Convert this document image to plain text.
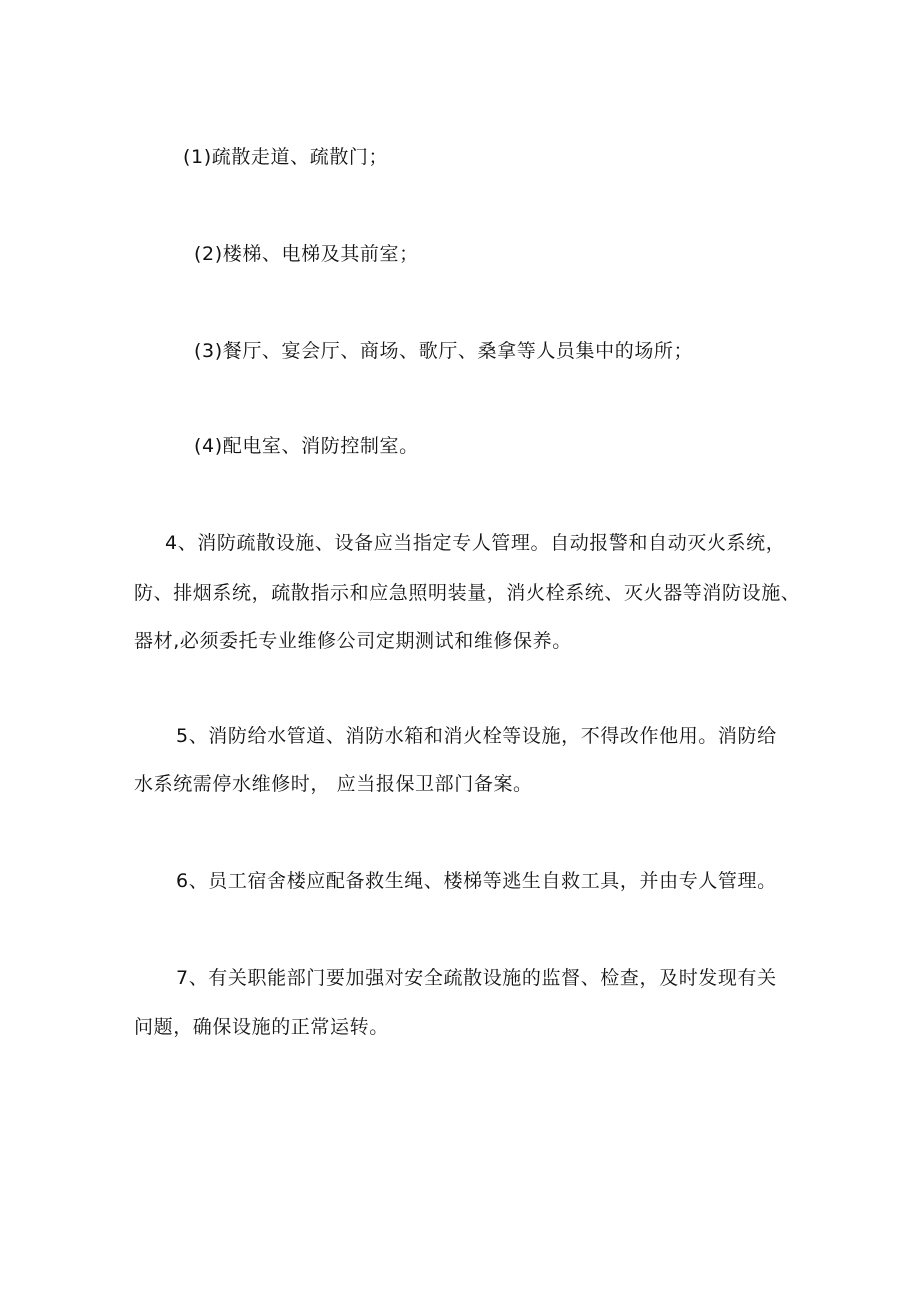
(1)疏散走道、疏散门；
(2)楼梯、电梯及其前室；
(3)餐厅、宴会厅、商场、歌厅、桑拿等人员集中的场所；
(4)配电室、消防控制室。
4、消防疏散设施、设备应当指定专人管理。自动报警和自动灭火系统，
防、排烟系统，疏散指示和应急照明装量，消火栓系统、灭火器等消防设施、
器材,必须委托专业维修公司定期测试和维修保养。
5、消防给水管道、消防水箱和消火栓等设施，不得改作他用。消防给
水系统需停水维修时， 应当报保卫部门备案。
6、员工宿舍楼应配备救生绳、楼梯等逃生自救工具，并由专人管理。
7、有关职能部门要加强对安全疏散设施的监督、检查，及时发现有关
问题，确保设施的正常运转。
